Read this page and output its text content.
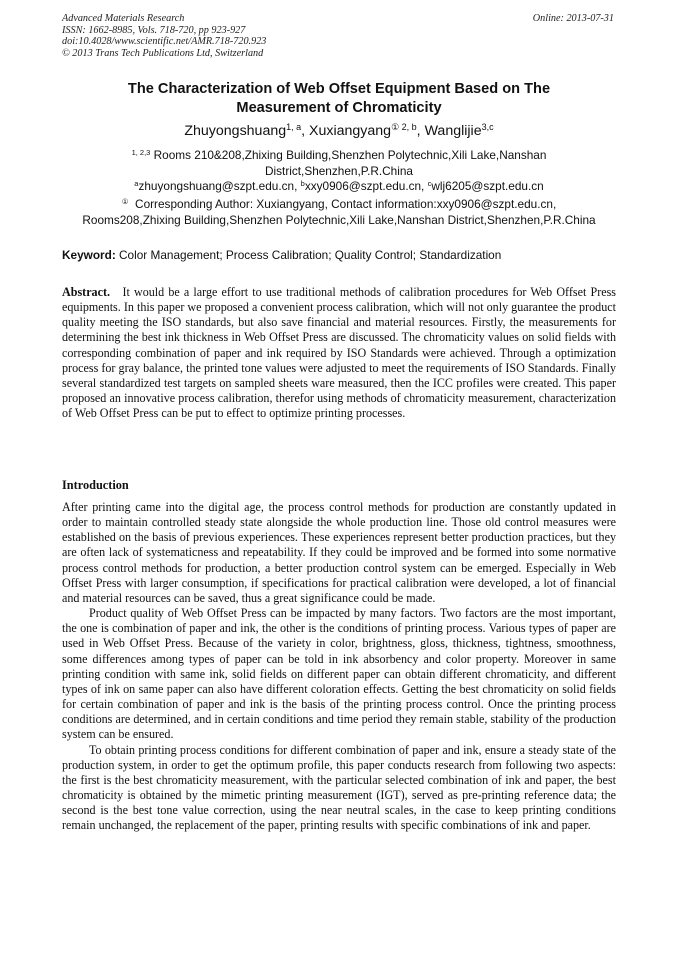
Advanced Materials Research
ISSN: 1662-8985, Vols. 718-720, pp 923-927
doi:10.4028/www.scientific.net/AMR.718-720.923
© 2013 Trans Tech Publications Ltd, Switzerland
Online: 2013-07-31
The Characterization of Web Offset Equipment Based on The
Measurement of Chromaticity
Zhuyongshuang$^{1, a}$, Xuxiangyang$^{① 2, b}$, Wanglijie$^{3,c}$
$^{1, 2,3}$ Rooms 210&208,Zhixing Building,Shenzhen Polytechnic,Xili Lake,Nanshan
District,Shenzhen,P.R.China
$^a$zhuyongshuang@szpt.edu.cn, $^b$xxy0906@szpt.edu.cn, $^c$wlj6205@szpt.edu.cn
① Corresponding Author: Xuxiangyang, Contact information:xxy0906@szpt.edu.cn,
Rooms208,Zhixing Building,Shenzhen Polytechnic,Xili Lake,Nanshan District,Shenzhen,P.R.China
Keyword: Color Management; Process Calibration; Quality Control; Standardization
Abstract. It would be a large effort to use traditional methods of calibration procedures for Web Offset Press equipments. In this paper we proposed a convenient process calibration, which will not only guarantee the product quality meeting the ISO standards, but also save financial and material resources. Firstly, the measurements for determining the best ink thickness in Web Offset Press are discussed. The chromaticity values on solid fields with corresponding combination of paper and ink required by ISO Standards were achieved. Through a optimization process for gray balance, the printed tone values were adjusted to meet the requirements of ISO Standards. Finally several standardized test targets on sampled sheets ware measured, then the ICC profiles were created. This paper proposed an innovative process calibration, therefor using methods of chromaticity measurement, characterization of Web Offset Press can be put to effect to optimize printing processes.
Introduction

After printing came into the digital age, the process control methods for production are constantly updated in order to maintain controlled steady state alongside the whole production line. Those old control measures were established on the basis of previous experiences. These experiences represent better production practices, but they are often lack of systematicness and repeatability. If they could be improved and be formed into some normative process control methods for production, a better production control system can be emerged. Especially in Web Offset Press with larger consumption, if specifications for practical calibration were developed, a lot of financial and material resources can be saved, thus a great significance could be made.

Product quality of Web Offset Press can be impacted by many factors. Two factors are the most important, the one is combination of paper and ink, the other is the conditions of printing process. Various types of paper are used in Web Offset Press. Because of the variety in color, brightness, gloss, thickness, tightness, smoothness, some differences among types of paper can be told in ink absorbency and color property. Moreover in same printing condition with same ink, solid fields on different paper can obtain different chromaticity, and different types of ink on same paper can also have different coloration effects. Getting the best chromaticity on solid fields for certain combination of paper and ink is the basis of the printing process control. Once the printing process conditions are determined, and in certain conditions and time period they remain stable, stability of the production system can be ensured.

To obtain printing process conditions for different combination of paper and ink, ensure a steady state of the production system, in order to get the optimum profile, this paper conducts research from following two aspects: the first is the best chromaticity measurement, with the particular selected combination of ink and paper, the best chromaticity is obtained by the mimetic printing measurement (IGT), served as pre-printing reference data; the second is the best tone value correction, using the near neutral scales, in the case to keep printing conditions remain unchanged, the replacement of the paper, printing results with specific combinations of ink and paper.
